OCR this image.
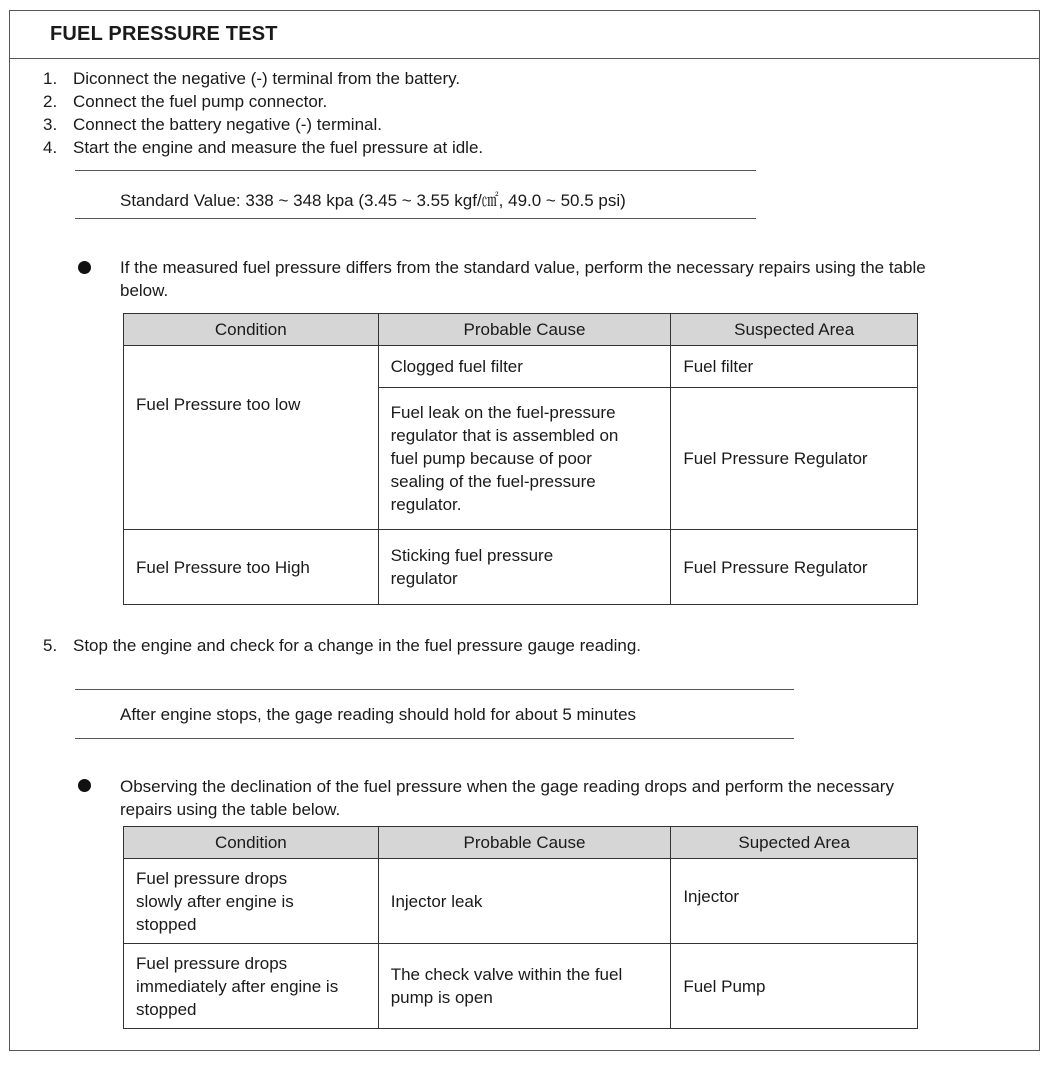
FUEL PRESSURE TEST
1. Diconnect the negative (-) terminal from the battery.
2. Connect the fuel pump connector.
3. Connect the battery negative (-) terminal.
4. Start the engine and measure the fuel pressure at idle.
Standard Value: 338 ~ 348 kpa (3.45 ~ 3.55 kgf/㎠, 49.0 ~ 50.5 psi)
If the measured fuel pressure differs from the standard value, perform the necessary repairs using the table below.
Condition	Probable Cause	Suspected Area
Fuel Pressure too low	Clogged fuel filter	Fuel filter
	Fuel leak on the fuel-pressure regulator that is assembled on fuel pump because of poor sealing of the fuel-pressure regulator.	Fuel Pressure Regulator
Fuel Pressure too High	Sticking fuel pressure regulator	Fuel Pressure Regulator
5. Stop the engine and check for a change in the fuel pressure gauge reading.
After engine stops, the gage reading should hold for about 5 minutes
Observing the declination of the fuel pressure when the gage reading drops and perform the necessary repairs using the table below.
Condition	Probable Cause	Supected Area
Fuel pressure drops slowly after engine is stopped	Injector leak	Injector
Fuel pressure drops immediately after engine is stopped	The check valve within the fuel pump is open	Fuel Pump
